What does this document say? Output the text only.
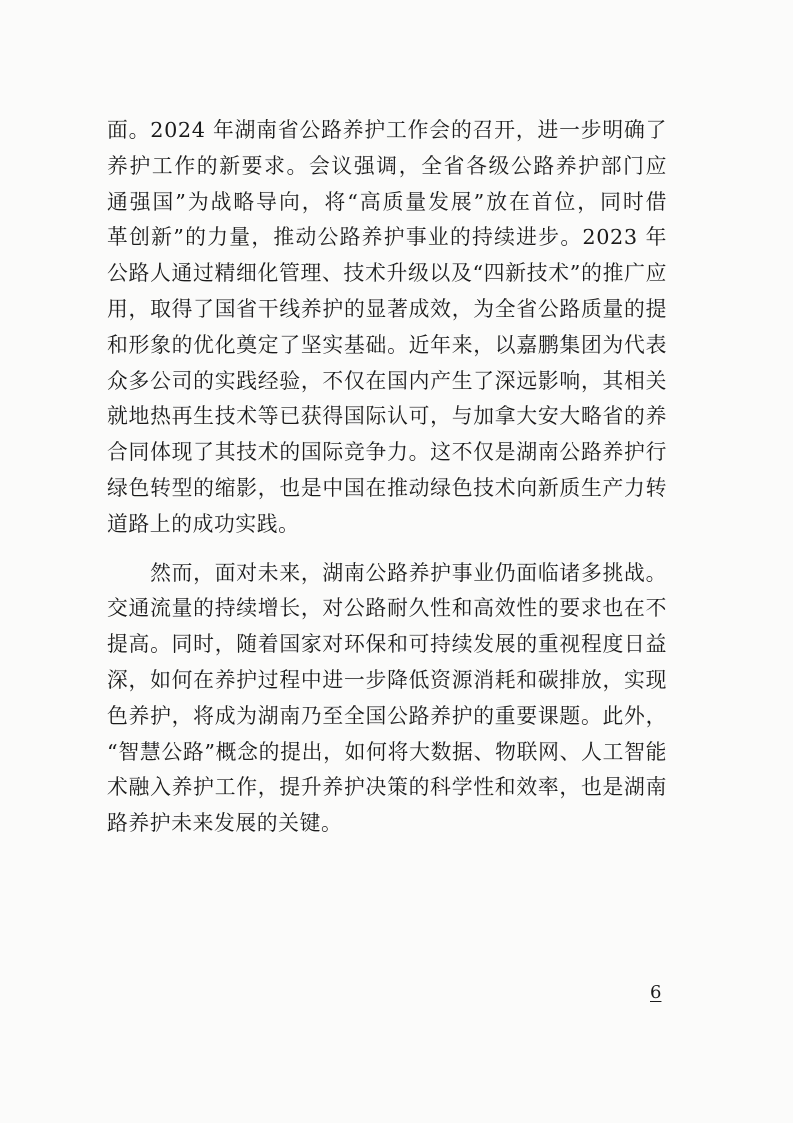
面。2024 年湖南省公路养护工作会的召开，进一步明确了
养护工作的新要求。会议强调，全省各级公路养护部门应
通强国”为战略导向，将“高质量发展”放在首位，同时借
革创新”的力量，推动公路养护事业的持续进步。2023 年
公路人通过精细化管理、技术升级以及“四新技术”的推广应
用，取得了国省干线养护的显著成效，为全省公路质量的提
和形象的优化奠定了坚实基础。近年来，以嘉鹏集团为代表
众多公司的实践经验，不仅在国内产生了深远影响，其相关
就地热再生技术等已获得国际认可，与加拿大安大略省的养
合同体现了其技术的国际竞争力。这不仅是湖南公路养护行
绿色转型的缩影，也是中国在推动绿色技术向新质生产力转
道路上的成功实践。
　　然而，面对未来，湖南公路养护事业仍面临诸多挑战。
交通流量的持续增长，对公路耐久性和高效性的要求也在不
提高。同时，随着国家对环保和可持续发展的重视程度日益
深，如何在养护过程中进一步降低资源消耗和碳排放，实现
色养护，将成为湖南乃至全国公路养护的重要课题。此外，
“智慧公路”概念的提出，如何将大数据、物联网、人工智能
术融入养护工作，提升养护决策的科学性和效率，也是湖南
路养护未来发展的关键。
6
